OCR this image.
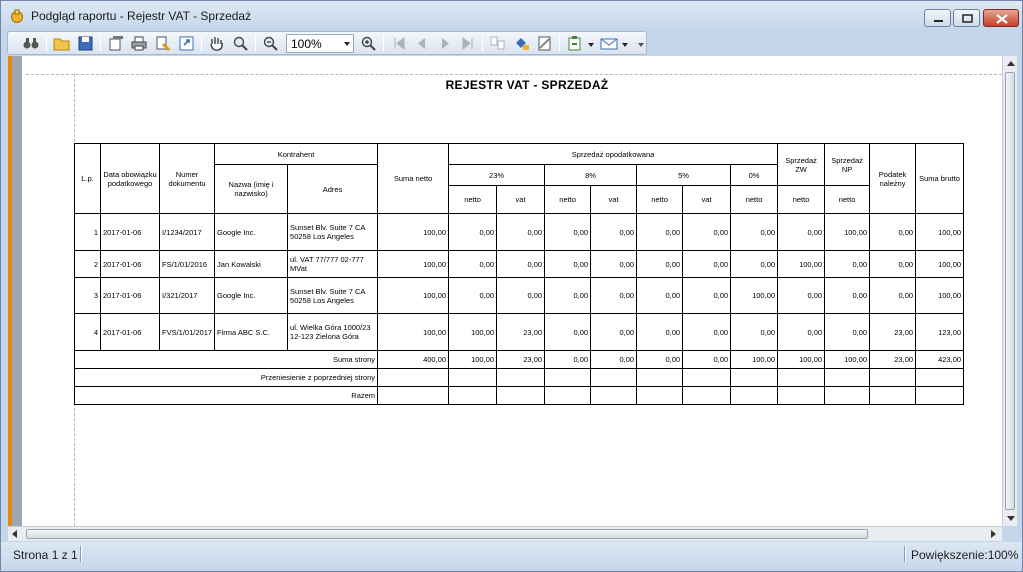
Podgląd raportu - Rejestr VAT - Sprzedaż
100%
REJESTR VAT - SPRZEDAŻ
L.p.	Data obowiązku podatkowego	Numer dokumentu	Kontrahent		Suma netto	Sprzedaż opodatkowana							Sprzedaż ZW	Sprzedaż NP	Podatek należny	Suma brutto
			Nazwa (imię i nazwisko)	Adres		23%		8%		5%		0%				
						netto	vat	netto	vat	netto	vat	netto	netto	netto		
1	2017-01-06	I/1234/2017	Google Inc.	Sunset Blv. Suite 7 CA 50258 Los Angeles	100,00	0,00	0,00	0,00	0,00	0,00	0,00	0,00	0,00	100,00	0,00	100,00
2	2017-01-06	FS/1/01/2016	Jan Kowalski	ul. VAT 77/777 02-777 MVat	100,00	0,00	0,00	0,00	0,00	0,00	0,00	0,00	100,00	0,00	0,00	100,00
3	2017-01-06	I/321/2017	Google Inc.	Sunset Blv. Suite 7 CA 50258 Los Angeles	100,00	0,00	0,00	0,00	0,00	0,00	0,00	100,00	0,00	0,00	0,00	100,00
4	2017-01-06	FVS/1/01/2017	Firma ABC S.C.	ul. Wielka Góra 1000/23 12-123 Zielona Góra	100,00	100,00	23,00	0,00	0,00	0,00	0,00	0,00	0,00	0,00	23,00	123,00
Suma strony					400,00	100,00	23,00	0,00	0,00	0,00	0,00	100,00	100,00	100,00	23,00	423,00
Przeniesienie z poprzedniej strony																
Razem																
Strona 1 z 1	Powiększenie:100%
